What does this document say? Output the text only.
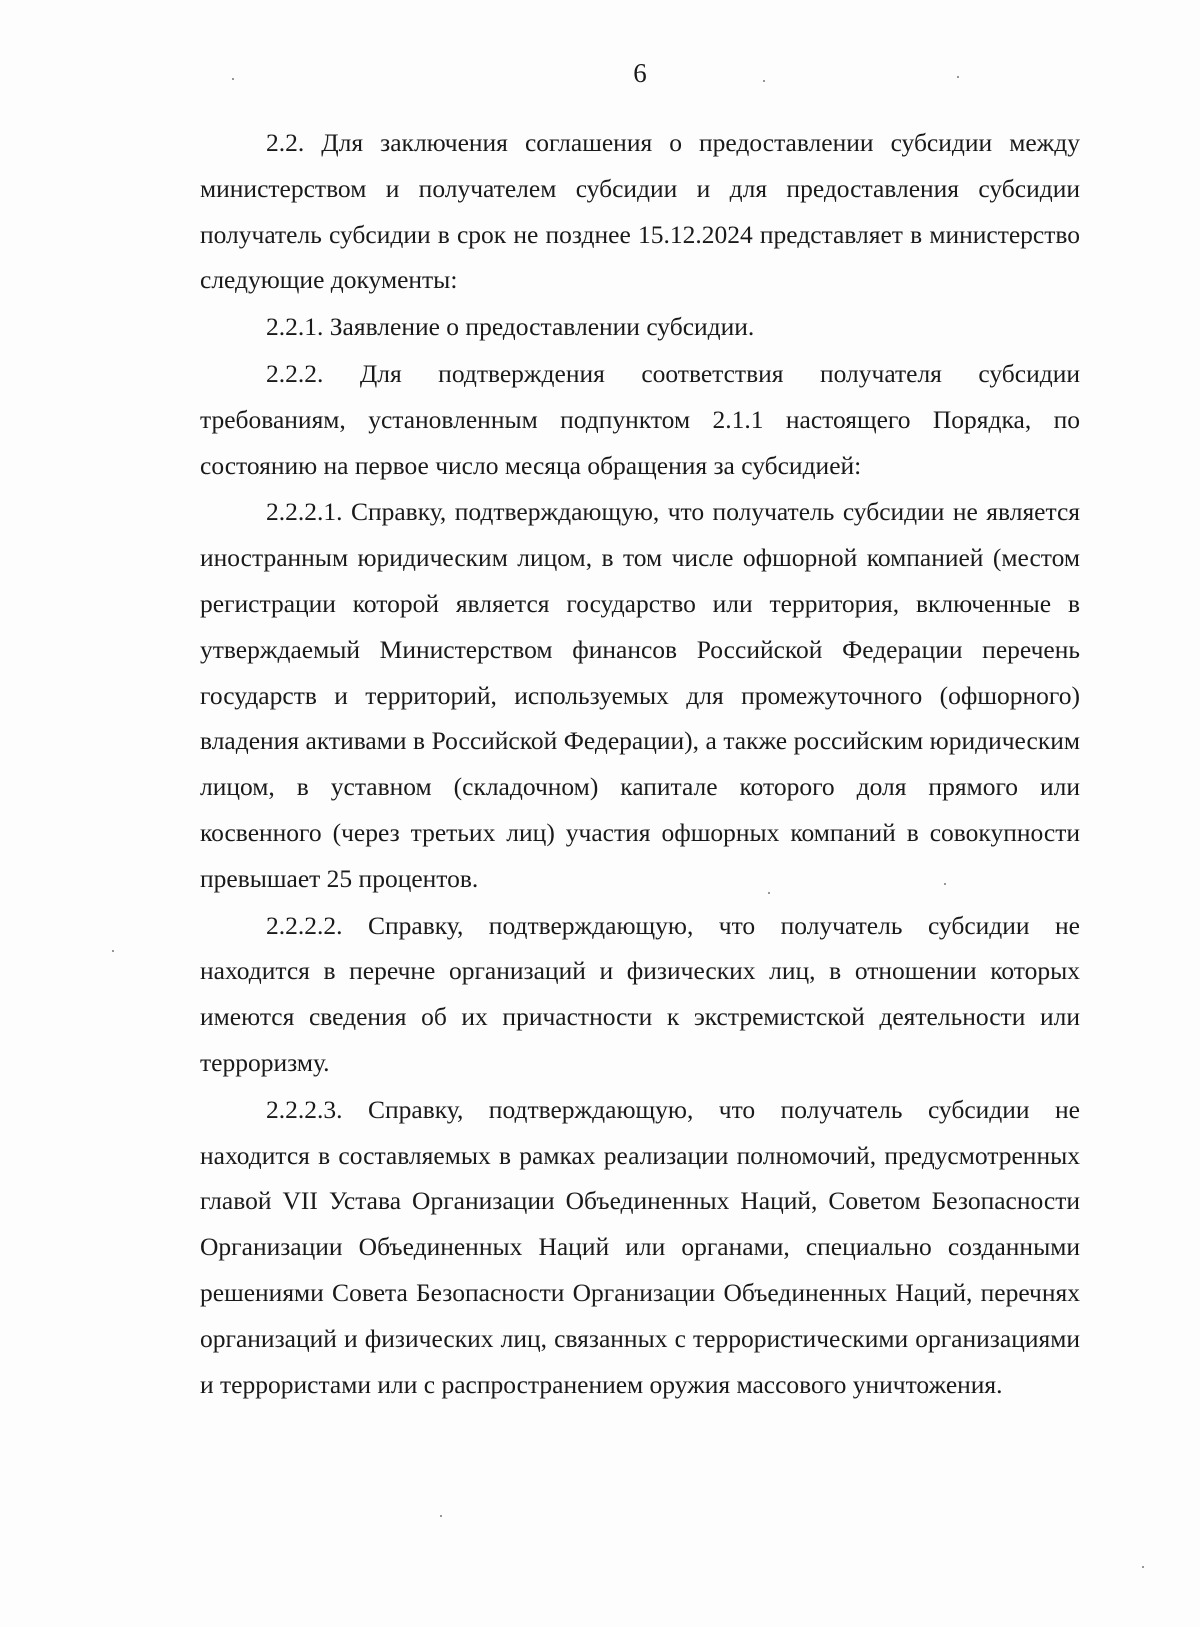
6

2.2. Для заключения соглашения о предоставлении субсидии между министерством и получателем субсидии и для предоставления субсидии получатель субсидии в срок не позднее 15.12.2024 представляет в министерство следующие документы:

2.2.1. Заявление о предоставлении субсидии.

2.2.2. Для подтверждения соответствия получателя субсидии требованиям, установленным подпунктом 2.1.1 настоящего Порядка, по состоянию на первое число месяца обращения за субсидией:

2.2.2.1. Справку, подтверждающую, что получатель субсидии не является иностранным юридическим лицом, в том числе офшорной компанией (местом регистрации которой является государство или территория, включенные в утверждаемый Министерством финансов Российской Федерации перечень государств и территорий, используемых для промежуточного (офшорного) владения активами в Российской Федерации), а также российским юридическим лицом, в уставном (складочном) капитале которого доля прямого или косвенного (через третьих лиц) участия офшорных компаний в совокупности превышает 25 процентов.

2.2.2.2. Справку, подтверждающую, что получатель субсидии не находится в перечне организаций и физических лиц, в отношении которых имеются сведения об их причастности к экстремистской деятельности или терроризму.

2.2.2.3. Справку, подтверждающую, что получатель субсидии не находится в составляемых в рамках реализации полномочий, предусмотренных главой VII Устава Организации Объединенных Наций, Советом Безопасности Организации Объединенных Наций или органами, специально созданными решениями Совета Безопасности Организации Объединенных Наций, перечнях организаций и физических лиц, связанных с террористическими организациями и террористами или с распространением оружия массового уничтожения.
